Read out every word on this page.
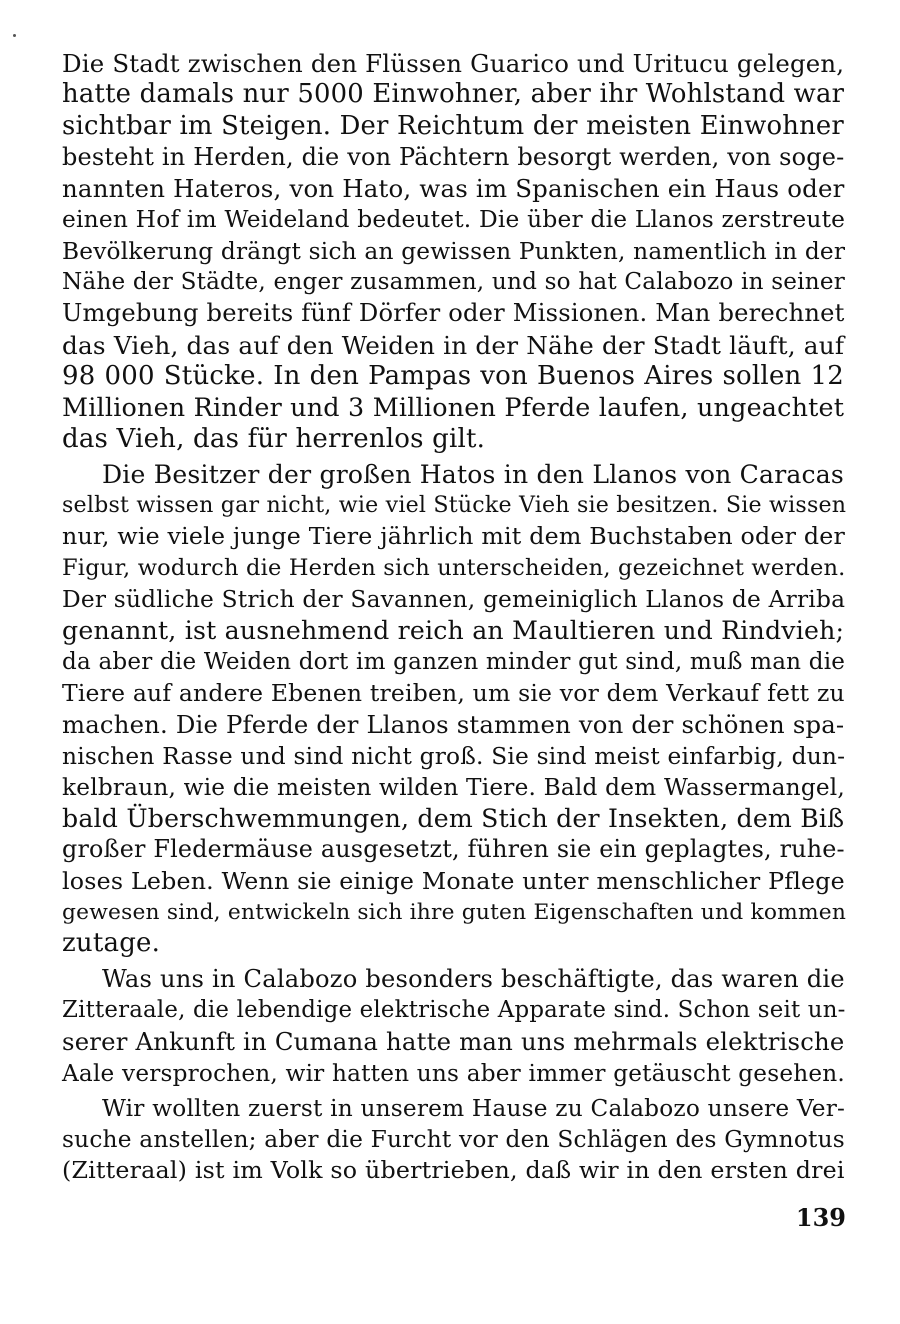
Die Stadt zwischen den Flüssen Guarico und Uritucu gelegen,
hatte damals nur 5000 Einwohner, aber ihr Wohlstand war
sichtbar im Steigen. Der Reichtum der meisten Einwohner
besteht in Herden, die von Pächtern besorgt werden, von soge-
nannten Hateros, von Hato, was im Spanischen ein Haus oder
einen Hof im Weideland bedeutet. Die über die Llanos zerstreute
Bevölkerung drängt sich an gewissen Punkten, namentlich in der
Nähe der Städte, enger zusammen, und so hat Calabozo in seiner
Umgebung bereits fünf Dörfer oder Missionen. Man berechnet
das Vieh, das auf den Weiden in der Nähe der Stadt läuft, auf
98 000 Stücke. In den Pampas von Buenos Aires sollen 12
Millionen Rinder und 3 Millionen Pferde laufen, ungeachtet
das Vieh, das für herrenlos gilt.
Die Besitzer der großen Hatos in den Llanos von Caracas
selbst wissen gar nicht, wie viel Stücke Vieh sie besitzen. Sie wissen
nur, wie viele junge Tiere jährlich mit dem Buchstaben oder der
Figur, wodurch die Herden sich unterscheiden, gezeichnet werden.
Der südliche Strich der Savannen, gemeiniglich Llanos de Arriba
genannt, ist ausnehmend reich an Maultieren und Rindvieh;
da aber die Weiden dort im ganzen minder gut sind, muß man die
Tiere auf andere Ebenen treiben, um sie vor dem Verkauf fett zu
machen. Die Pferde der Llanos stammen von der schönen spa-
nischen Rasse und sind nicht groß. Sie sind meist einfarbig, dun-
kelbraun, wie die meisten wilden Tiere. Bald dem Wassermangel,
bald Überschwemmungen, dem Stich der Insekten, dem Biß
großer Fledermäuse ausgesetzt, führen sie ein geplagtes, ruhe-
loses Leben. Wenn sie einige Monate unter menschlicher Pflege
gewesen sind, entwickeln sich ihre guten Eigenschaften und kommen
zutage.
Was uns in Calabozo besonders beschäftigte, das waren die
Zitteraale, die lebendige elektrische Apparate sind. Schon seit un-
serer Ankunft in Cumana hatte man uns mehrmals elektrische
Aale versprochen, wir hatten uns aber immer getäuscht gesehen.
Wir wollten zuerst in unserem Hause zu Calabozo unsere Ver-
suche anstellen; aber die Furcht vor den Schlägen des Gymnotus
(Zitteraal) ist im Volk so übertrieben, daß wir in den ersten drei
139
